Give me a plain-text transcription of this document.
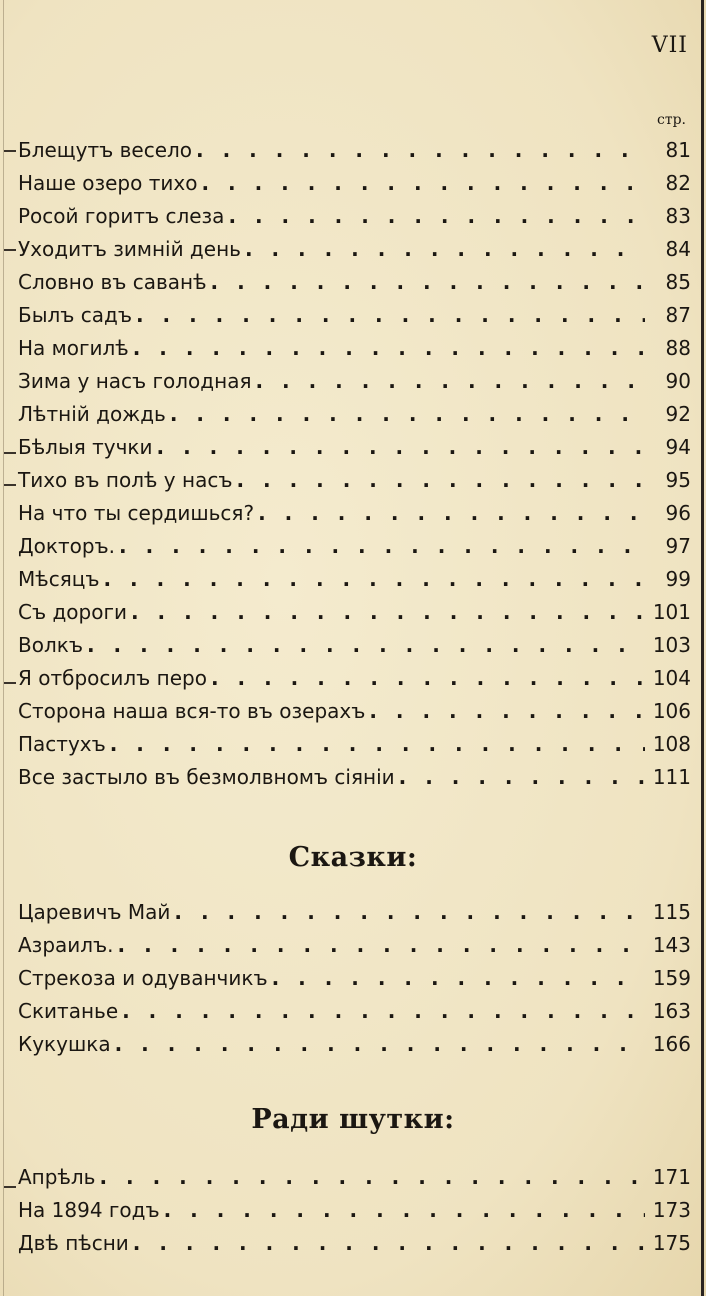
VII
стр.
Блещутъ весело . . .	81
Наше озеро тихо . . .	82
Росой горитъ слеза . . .	83
Уходитъ зимній день . . .	84
Словно въ саванѣ . . .	85
Былъ садъ . . .	87
На могилѣ . . .	88
Зима у насъ голодная . . .	90
Лѣтній дождь . . .	92
Бѣлыя тучки . . .	94
Тихо въ полѣ у насъ . . .	95
На что ты сердишься? . . .	96
Докторъ. . . .	97
Мѣсяцъ . . .	99
Съ дороги . . .	101
Волкъ . . .	103
Я отбросилъ перо . . .	104
Сторона наша вся-то въ озерахъ . . .	106
Пастухъ . . .	108
Все застыло въ безмолвномъ сіяніи . . .	111
Сказки:
Царевичъ Май . . .	115
Азраилъ. . . .	143
Стрекоза и одуванчикъ . . .	159
Скитанье . . .	163
Кукушка . . .	166
Ради шутки:
Апрѣль . . .	171
На 1894 годъ . . .	173
Двѣ пѣсни . . .	175
